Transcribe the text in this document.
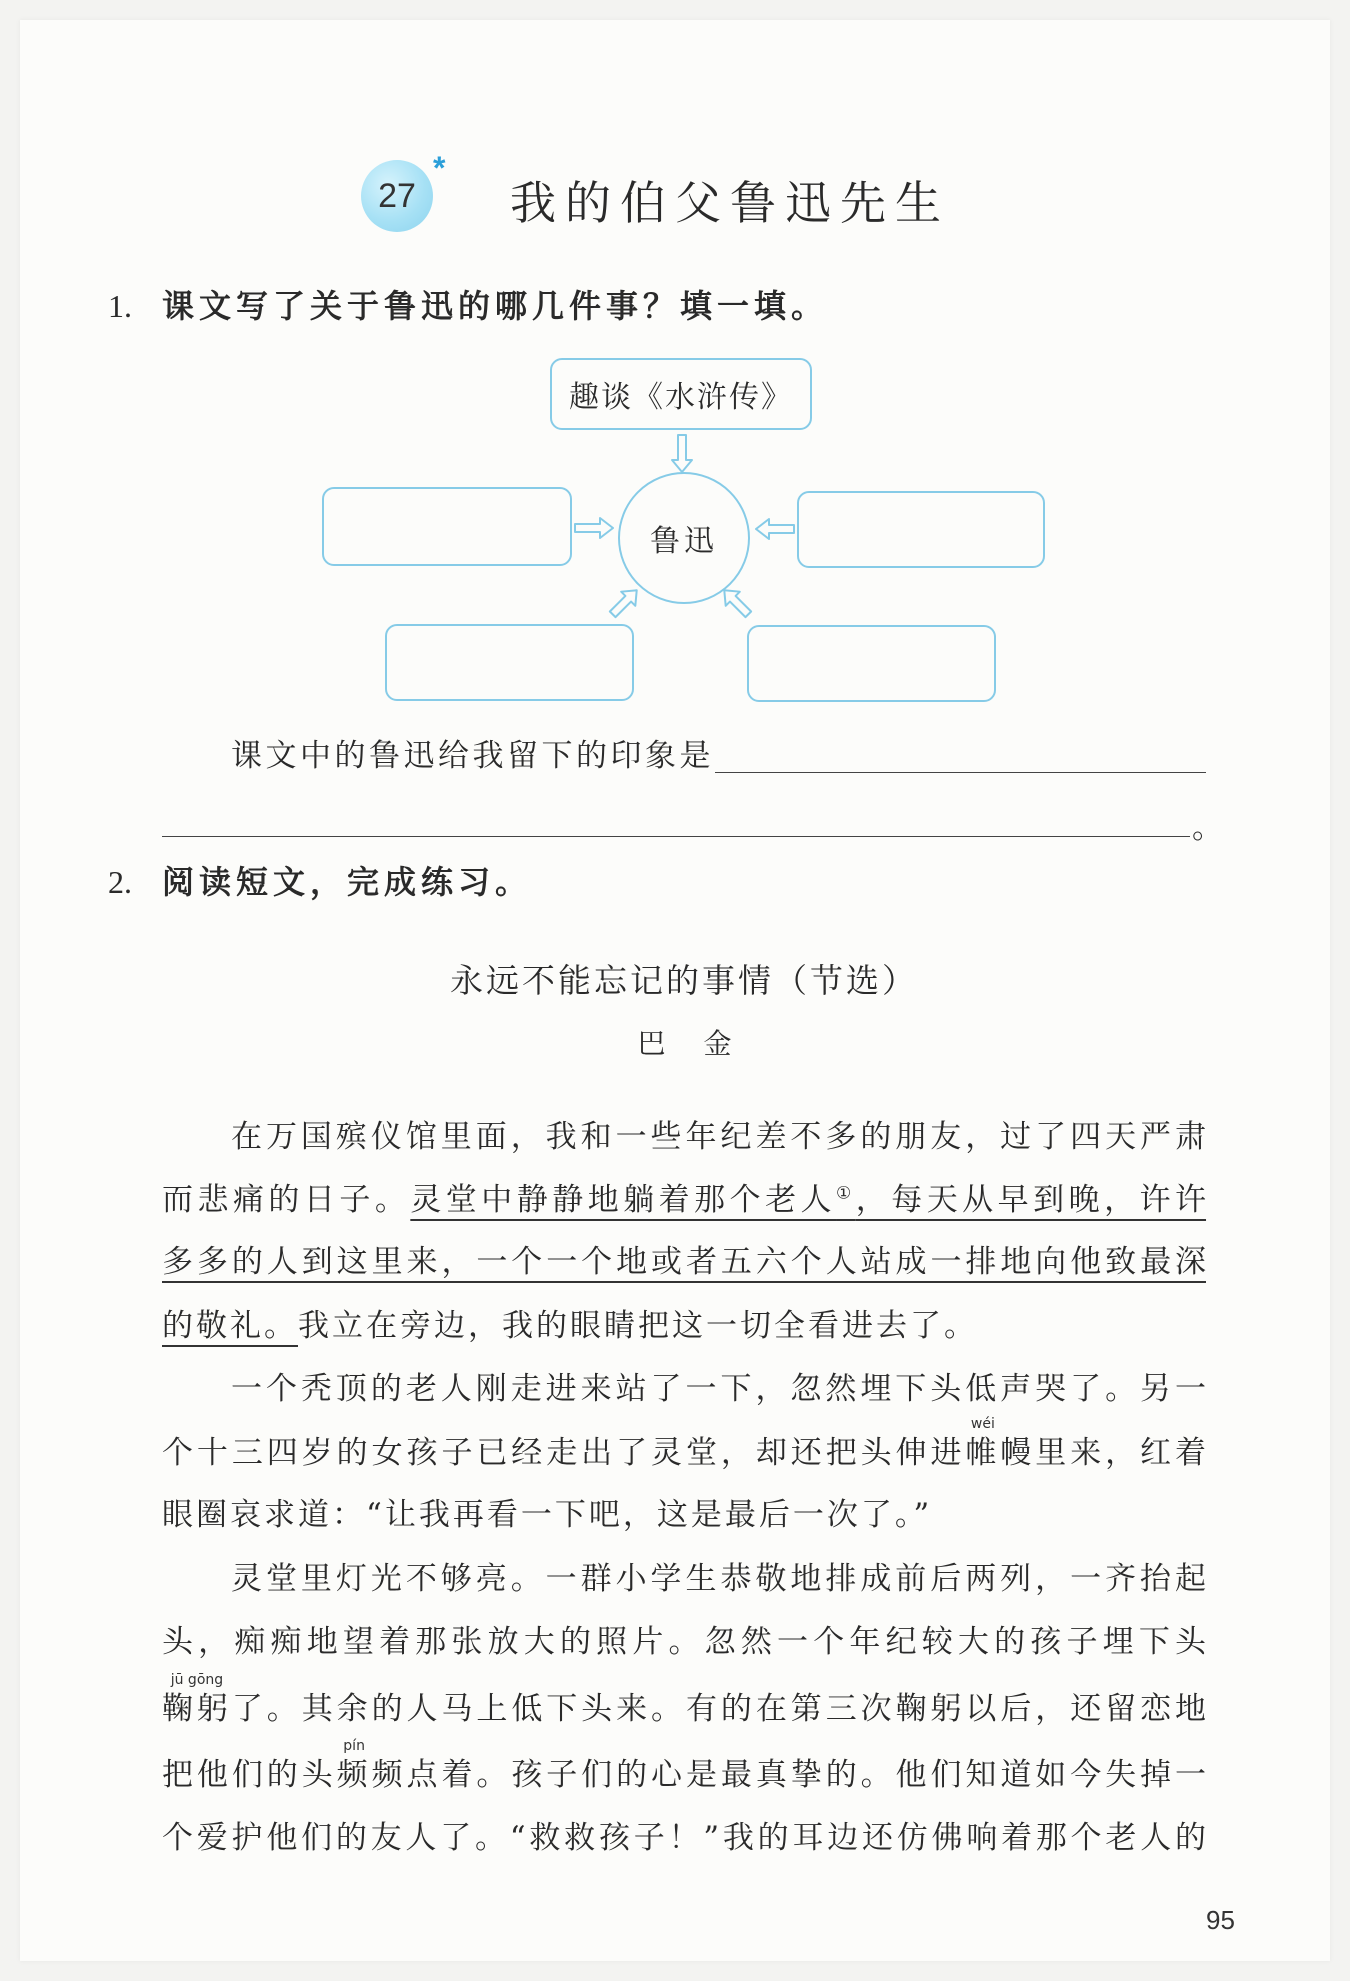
27
*
我的伯父鲁迅先生
1. 课文写了关于鲁迅的哪几件事？填一填。
趣谈《水浒传》
鲁迅
课文中的鲁迅给我留下的印象是
。
2. 阅读短文，完成练习。
永远不能忘记的事情（节选）
巴　金
在万国殡仪馆里面，我和一些年纪差不多的朋友，过了四天严肃
而悲痛的日子。灵堂中静静地躺着那个老人①，每天从早到晚，许许
多多的人到这里来，一个一个地或者五六个人站成一排地向他致最深
的敬礼。我立在旁边，我的眼睛把这一切全看进去了。
一个秃顶的老人刚走进来站了一下，忽然埋下头低声哭了。另一
个十三四岁的女孩子已经走出了灵堂，却还把头伸进帷
wéi
幔里来，红着
眼圈哀求道：“让我再看一下吧，这是最后一次了。”
灵堂里灯光不够亮。一群小学生恭敬地排成前后两列，一齐抬起
头，痴痴地望着那张放大的照片。忽然一个年纪较大的孩子埋下头
鞠躬
jū gōng
了。其余的人马上低下头来。有的在第三次鞠躬以后，还留恋地
把他们的头频
pín
频点着。孩子们的心是最真挚的。他们知道如今失掉一
个爱护他们的友人了。“救救孩子！”我的耳边还仿佛响着那个老人的
95
